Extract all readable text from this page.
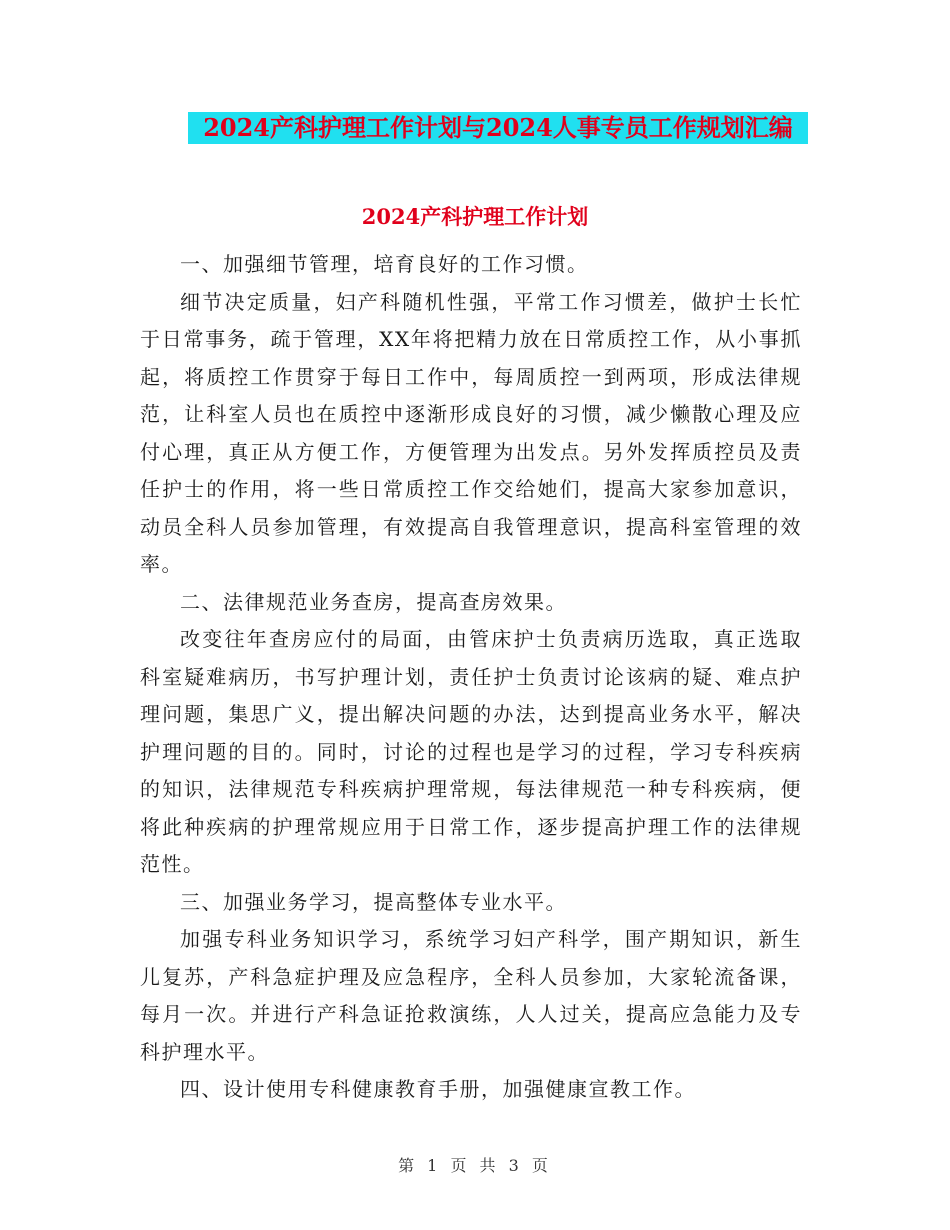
2024产科护理工作计划与2024人事专员工作规划汇编
2024产科护理工作计划

一、加强细节管理，培育良好的工作习惯。

细节决定质量，妇产科随机性强，平常工作习惯差，做护士长忙于日常事务，疏于管理，XX年将把精力放在日常质控工作，从小事抓起，将质控工作贯穿于每日工作中，每周质控一到两项，形成法律规范，让科室人员也在质控中逐渐形成良好的习惯，减少懒散心理及应付心理，真正从方便工作，方便管理为出发点。另外发挥质控员及责任护士的作用，将一些日常质控工作交给她们，提高大家参加意识，动员全科人员参加管理，有效提高自我管理意识，提高科室管理的效率。

二、法律规范业务查房，提高查房效果。

改变往年查房应付的局面，由管床护士负责病历选取，真正选取科室疑难病历，书写护理计划，责任护士负责讨论该病的疑、难点护理问题，集思广义，提出解决问题的办法，达到提高业务水平，解决护理问题的目的。同时，讨论的过程也是学习的过程，学习专科疾病的知识，法律规范专科疾病护理常规，每法律规范一种专科疾病，便将此种疾病的护理常规应用于日常工作，逐步提高护理工作的法律规范性。

三、加强业务学习，提高整体专业水平。

加强专科业务知识学习，系统学习妇产科学，围产期知识，新生儿复苏，产科急症护理及应急程序，全科人员参加，大家轮流备课，每月一次。并进行产科急证抢救演练，人人过关，提高应急能力及专科护理水平。

四、设计使用专科健康教育手册，加强健康宣教工作。

第 1 页 共 3 页
